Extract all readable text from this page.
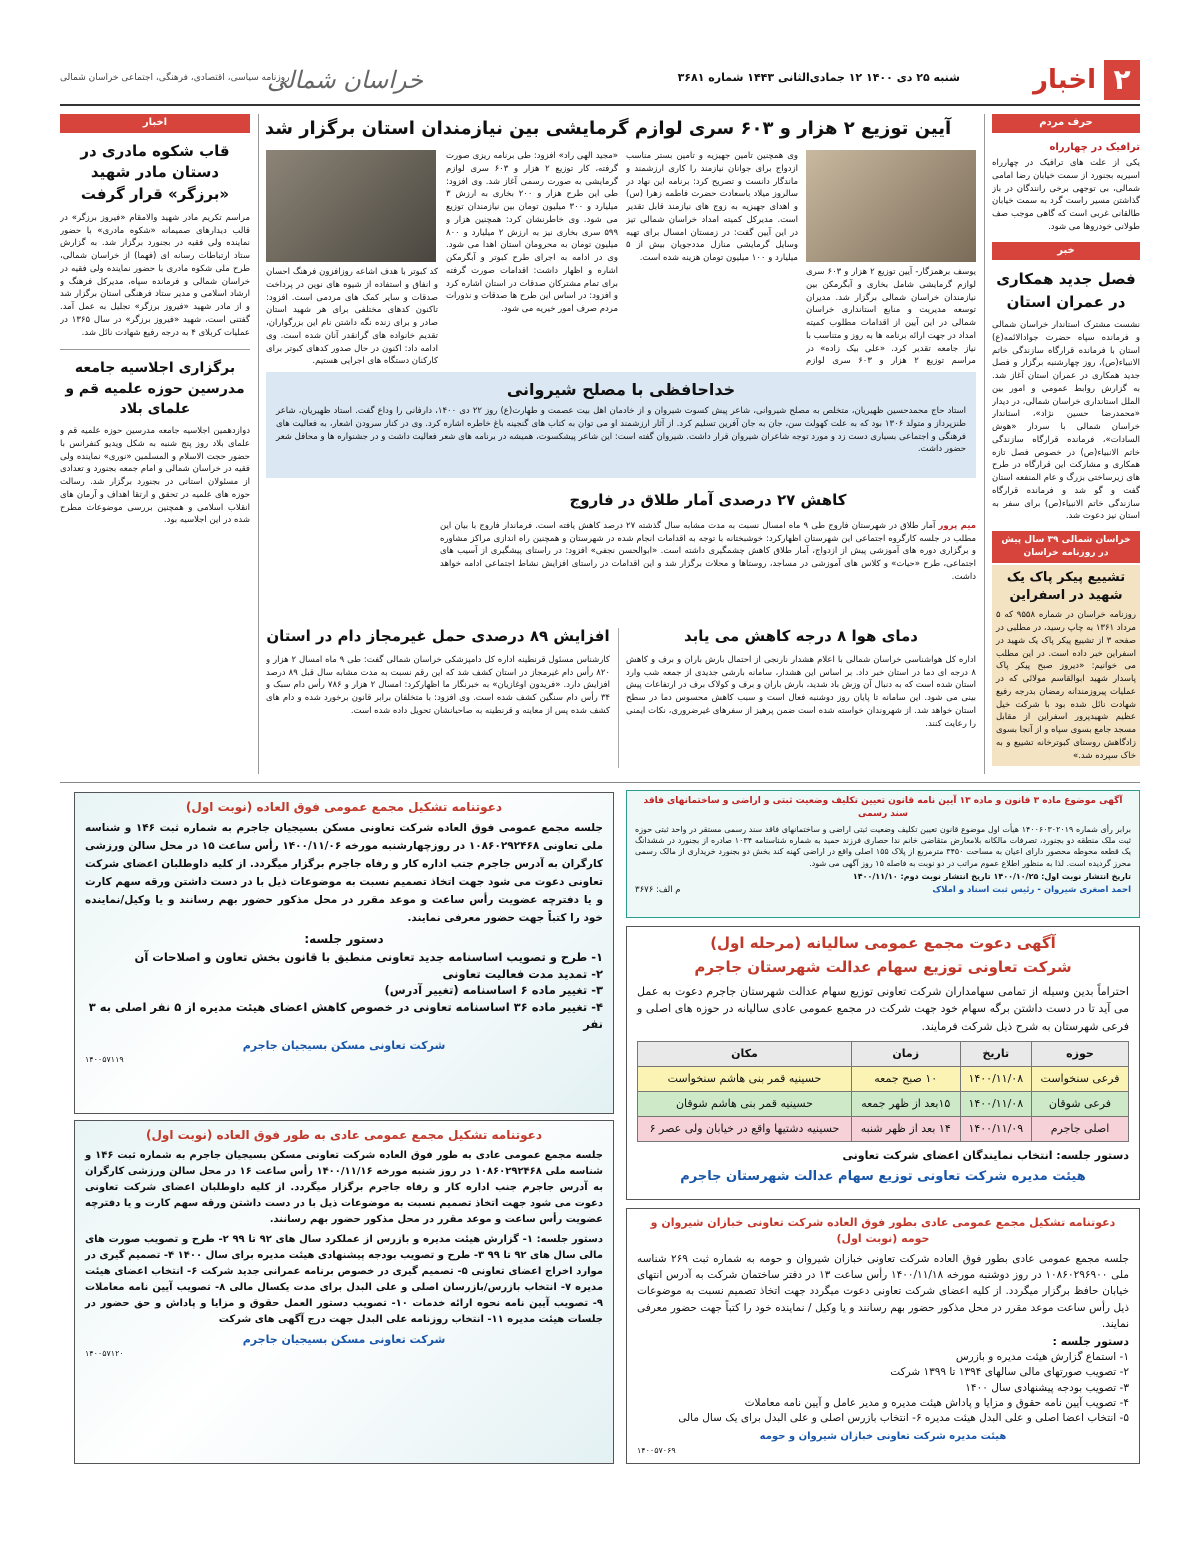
۲
اخبار
شنبه ۲۵ دی ۱۴۰۰ ۱۲ جمادی‌الثانی ۱۴۴۳ شماره ۳۶۸۱
خراسان شمالی
روزنامه سیاسی، اقتصادی، فرهنگی، اجتماعی خراسان شمالی
حرف مردم
ترافیک در چهارراه
یکی از علت های ترافیک در چهارراه اسیریه بجنورد از سمت خیابان رضا امامی شمالی، بی توجهی برخی رانندگان در باز گذاشتن مسیر راست گرد به سمت خیابان طالقانی غربی است که گاهی موجب صف طولانی خودروها می شود.
خبر
فصل جدید همکاری در عمران استان
نشست مشترک استاندار خراسان شمالی و فرمانده سپاه حضرت جوادالائمه(ع) استان با فرمانده قرارگاه سازندگی خاتم الانبیاء(ص)، روز چهارشنبه برگزار و فصل جدید همکاری در عمران استان آغاز شد. به گزارش روابط عمومی و امور بین الملل استانداری خراسان شمالی، در دیدار «محمدرضا حسین نژاد»، استاندار خراسان شمالی با سردار «هوش السادات»، فرمانده قرارگاه سازندگی خاتم الانبیاء(ص) در خصوص فصل تازه همکاری و مشارکت این قرارگاه در طرح های زیرساختی بزرگ و عام المنفعه استان گفت و گو شد و فرمانده قرارگاه سازندگی خاتم الانبیاء(ص) برای سفر به استان نیز دعوت شد.
خراسان شمالی ۳۹ سال پیش
در روزنامه خراسان
تشییع پیکر پاک یک شهید در اسفراین
روزنامه خراسان در شماره ۹۵۵۸ که ۵ مرداد ۱۳۶۱ به چاپ رسید، در مطلبی در صفحه ۳ از تشییع پیکر پاک یک شهید در اسفراین خبر داده است. در این مطلب می خوانیم: «دیروز صبح پیکر پاک پاسدار شهید ابوالقاسم مولائی که در عملیات پیروزمندانه رمضان بدرجه رفیع شهادت نائل شده بود با شرکت خیل عظیم شهیدپرور اسفراین از مقابل مسجد جامع بسوی سپاه و از آنجا بسوی زادگاهش روستای کبوترخانه تشییع و به خاک سپرده شد.»
آیین توزیع ۲ هزار و ۶۰۳ سری لوازم گرمایشی بین نیازمندان استان برگزار شد
یوسف برهمزگار- آیین توزیع ۲ هزار و ۶۰۳ سری لوازم گرمایشی شامل بخاری و آبگرمکن بین نیازمندان خراسان شمالی برگزار شد. مدیران توسعه مدیریت و منابع استانداری خراسان شمالی در این آیین از اقدامات مطلوب کمیته امداد در جهت ارائه برنامه ها به روز و متناسب با نیاز جامعه تقدیر کرد. «علی بیک زاده» در مراسم توزیع ۲ هزار و ۶۰۳ سری لوازم
وی همچنین تامین جهیزیه و تامین بستر مناسب ازدواج برای جوانان نیازمند را کاری ارزشمند و ماندگار دانست و تصریح کرد: برنامه این نهاد در سالروز میلاد باسعادت حضرت فاطمه زهرا (س) و اهدای جهیزیه به زوج های نیازمند قابل تقدیر است. مدیرکل کمیته امداد خراسان شمالی تیز در این آیین گفت: در زمستان امسال برای تهیه وسایل گرمایشی منازل مددجویان بیش از ۵ میلیارد و ۱۰۰ میلیون تومان هزینه شده است.
«مجید الهی راد» افزود: طی برنامه ریزی صورت گرفته، کار توزیع ۲ هزار و ۶۰۳ سری لوازم گرمایشی به صورت رسمی آغاز شد. وی افزود: طی این طرح هزار و ۲۰۰ بخاری به ارزش ۳ میلیارد و ۳۰۰ میلیون تومان بین نیازمندان توزیع می شود. وی خاطرنشان کرد: همچنین هزار و ۵۹۹ سری بخاری نیز به ارزش ۲ میلیارد و ۸۰۰ میلیون تومان به محرومان استان اهدا می شود. وی در ادامه به اجرای طرح کبوتر و آبگرمکن اشاره و اظهار داشت: اقدامات صورت گرفته برای تمام مشترکان صدقات در استان اشاره کرد و افزود: در اساس این طرح ها صدقات و نذورات مردم صرف امور خیریه می شود.
کد کبوتر با هدف اشاعه روزافزون فرهنگ احسان و انفاق و استفاده از شیوه های نوین در پرداخت صدقات و سایر کمک های مردمی است. افزود: تاکنون کدهای مختلفی برای هر شهید استان صادر و برای زنده نگه داشتن نام این بزرگواران، تقدیم خانواده های گرانقدر آنان شده است. وی ادامه داد: اکنون در حال صدور کدهای کبوتر برای کارکنان دستگاه های اجرایی هستیم.
خداحافظی با مصلح شیروانی
استاد حاج محمدحسین ظهیریان، متخلص به مصلح شیروانی، شاعر پیش کسوت شیروان و از خادمان اهل بیت عصمت و طهارت(ع) روز ۲۲ دی ۱۴۰۰، دارفانی را وداع گفت. استاد ظهیریان، شاعر طنزپرداز و متولد ۱۳۰۶ بود که به علت کهولت سن، جان به جان آفرین تسلیم کرد. از آثار ارزشمند او می توان به کتاب های گنجینه باغ خاطره اشاره کرد. وی در کنار سرودن اشعار، به فعالیت های فرهنگی و اجتماعی بسیاری دست زد و مورد توجه شاعران شیروان قرار داشت. شیروان گفته است: این شاعر پیشکسوت، همیشه در برنامه های شعر فعالیت داشت و در جشنواره ها و محافل شعر حضور داشت.
کاهش ۲۷ درصدی آمار طلاق در فاروج
میم پرور آمار طلاق در شهرستان فاروج طی ۹ ماه امسال نسبت به مدت مشابه سال گذشته ۲۷ درصد کاهش یافته است. فرماندار فاروج با بیان این مطلب در جلسه کارگروه اجتماعی این شهرستان اظهارکرد: خوشبختانه با توجه به اقدامات انجام شده در شهرستان و همچنین راه اندازی مراکز مشاوره و برگزاری دوره های آموزشی پیش از ازدواج، آمار طلاق کاهش چشمگیری داشته است. «ابوالحسن نجفی» افزود: در راستای پیشگیری از آسیب های اجتماعی، طرح «حیات» و کلاس های آموزشی در مساجد، روستاها و محلات برگزار شد و این اقدامات در راستای افزایش نشاط اجتماعی ادامه خواهد داشت.
دمای هوا ۸ درجه کاهش می یابد
اداره کل هواشناسی خراسان شمالی با اعلام هشدار نارنجی از احتمال بارش باران و برف و کاهش ۸ درجه ای دما در استان خبر داد. بر اساس این هشدار، سامانه بارشی جدیدی از جمعه شب وارد استان شده است که به دنبال آن وزش باد شدید، بارش باران و برف و کولاک برف در ارتفاعات پیش بینی می شود. این سامانه تا پایان روز دوشنبه فعال است و سبب کاهش محسوس دما در سطح استان خواهد شد. از شهروندان خواسته شده است ضمن پرهیز از سفرهای غیرضروری، نکات ایمنی را رعایت کنند.
افزایش ۸۹ درصدی حمل غیرمجاز دام در استان
کارشناس مسئول قرنطینه اداره کل دامپزشکی خراسان شمالی گفت: طی ۹ ماه امسال ۲ هزار و ۸۲۰ رأس دام غیرمجاز در استان کشف شد که این رقم نسبت به مدت مشابه سال قبل ۸۹ درصد افزایش دارد. «فریدون اوغازیان» به خبرنگار ما اظهارکرد: امسال ۲ هزار و ۷۸۶ رأس دام سبک و ۳۴ رأس دام سنگین کشف شده است. وی افزود: با متخلفان برابر قانون برخورد شده و دام های کشف شده پس از معاینه و قرنطینه به صاحبانشان تحویل داده شده است.
اخبار
قاب شکوه مادری در دستان مادر شهید «برزگر» قرار گرفت
مراسم تکریم مادر شهید والامقام «فیروز برزگر» در قالب دیدارهای صمیمانه «شکوه مادری» با حضور نماینده ولی فقیه در بجنورد برگزار شد. به گزارش ستاد ارتباطات رسانه ای (فهما) از خراسان شمالی، طرح ملی شکوه مادری با حضور نماینده ولی فقیه در خراسان شمالی و فرمانده سپاه، مدیرکل فرهنگ و ارشاد اسلامی و مدیر ستاد فرهنگی استان برگزار شد و از مادر شهید «فیروز برزگر» تجلیل به عمل آمد. گفتنی است، شهید «فیروز برزگر» در سال ۱۳۶۵ در عملیات کربلای ۴ به درجه رفیع شهادت نائل شد.
برگزاری اجلاسیه جامعه مدرسین حوزه علمیه قم و علمای بلاد
دوازدهمین اجلاسیه جامعه مدرسین حوزه علمیه قم و علمای بلاد روز پنج شنبه به شکل ویدیو کنفرانس با حضور حجت الاسلام و المسلمین «نوری» نماینده ولی فقیه در خراسان شمالی و امام جمعه بجنورد و تعدادی از مسئولان استانی در بجنورد برگزار شد. رسالت حوزه های علمیه در تحقق و ارتقا اهداف و آرمان های انقلاب اسلامی و همچنین بررسی موضوعات مطرح شده در این اجلاسیه بود.
آگهی موضوع ماده ۳ قانون و ماده ۱۳ آیین نامه قانون تعیین تکلیف وضعیت ثبتی و اراضی و ساختمانهای فاقد سند رسمی
برابر رأی شماره ۱۴۰۰۶۰۳۰۲۰۱۹ هیأت اول موضوع قانون تعیین تکلیف وضعیت ثبتی اراضی و ساختمانهای فاقد سند رسمی مستقر در واحد ثبتی حوزه ثبت ملک منطقه دو بجنورد، تصرفات مالکانه بلامعارض متقاضی خانم ندا حصاری فرزند حمید به شماره شناسنامه ۱۰۳۴ صادره از بجنورد در ششدانگ یک قطعه محوطه محصور دارای اعیان به مساحت ۳۴۵۰ مترمربع از پلاک ۱۵۵ اصلی واقع در اراضی کهنه کند بخش دو بجنورد خریداری از مالک رسمی محرز گردیده است. لذا به منظور اطلاع عموم مراتب در دو نوبت به فاصله ۱۵ روز آگهی می شود.
تاریخ انتشار نوبت اول: ۱۴۰۰/۱۰/۲۵ تاریخ انتشار نوبت دوم: ۱۴۰۰/۱۱/۱۰
احمد اصغری شیروان - رئیس ثبت اسناد و املاک
م الف: ۳۶۷۶
آگهی دعوت مجمع عمومی سالیانه (مرحله اول)
شرکت تعاونی توزیع سهام عدالت شهرستان جاجرم
احتراماً بدین وسیله از تمامی سهامداران شرکت تعاونی توزیع سهام عدالت شهرستان جاجرم دعوت به عمل می آید تا در دست داشتن برگه سهام خود جهت شرکت در مجمع عمومی عادی سالیانه در حوزه های اصلی و فرعی شهرستان به شرح ذیل شرکت فرمایند.
حوزه	تاریخ	زمان	مکان
فرعی سنخواست	۱۴۰۰/۱۱/۰۸	۱۰ صبح جمعه	حسینیه قمر بنی هاشم سنخواست
فرعی شوقان	۱۴۰۰/۱۱/۰۸	۱۵بعد از ظهر جمعه	حسینیه قمر بنی هاشم شوقان
اصلی جاجرم	۱۴۰۰/۱۱/۰۹	۱۴ بعد از ظهر شنبه	حسینیه دشتیها واقع در خیابان ولی عصر ۶
دستور جلسه: انتخاب نمایندگان اعضای شرکت تعاونی
هیئت مدیره شرکت تعاونی توزیع سهام عدالت شهرستان جاجرم
دعوتنامه تشکیل مجمع عمومی عادی بطور فوق العاده شرکت تعاونی خبازان شیروان و حومه (نوبت اول)
جلسه مجمع عمومی عادی بطور فوق العاده شرکت تعاونی خبازان شیروان و حومه به شماره ثبت ۲۶۹ شناسه ملی ۱۰۸۶۰۲۹۶۹۰۰ در روز دوشنبه مورخه ۱۴۰۰/۱۱/۱۸ رأس ساعت ۱۳ در دفتر ساختمان شرکت به آدرس انتهای خیابان حافظ برگزار میگردد. از کلیه اعضای شرکت تعاونی دعوت میگردد جهت اتخاذ تصمیم نسبت به موضوعات ذیل رأس ساعت موعد مقرر در محل مذکور حضور بهم رسانند و یا وکیل / نماینده خود را کتباً جهت حضور معرفی نمایند.
دستور جلسه :
۱- استماع گزارش هیئت مدیره و بازرس
۲- تصویب صورتهای مالی سالهای ۱۳۹۴ تا ۱۳۹۹ شرکت
۳- تصویب بودجه پیشنهادی سال ۱۴۰۰
۴- تصویب آیین نامه حقوق و مزایا و پاداش هیئت مدیره و مدیر عامل و آیین نامه معاملات
۵- انتخاب اعضا اصلی و علی البدل هیئت مدیره ۶- انتخاب بازرس اصلی و علی البدل برای یک سال مالی
هیئت مدیره شرکت تعاونی خبازان شیروان و حومه
۱۴۰۰۵۷۰۶۹
دعوتنامه تشکیل مجمع عمومی فوق العاده (نوبت اول)
جلسه مجمع عمومی فوق العاده شرکت تعاونی مسکن بسیجیان جاجرم به شماره ثبت ۱۴۶ و شناسه ملی تعاونی ۱۰۸۶۰۲۹۲۴۶۸ در روزچهارشنبه مورخه ۱۴۰۰/۱۱/۰۶ رأس ساعت ۱۵ در محل سالن ورزشی کارگران به آدرس جاجرم جنب اداره کار و رفاه جاجرم برگزار میگردد. از کلیه داوطلبان اعضای شرکت تعاونی دعوت می شود جهت اتخاذ تصمیم نسبت به موضوعات ذیل با در دست داشتن ورقه سهم کارت و یا دفترچه عضویت رأس ساعت و موعد مقرر در محل مذکور حضور بهم رسانند و یا وکیل/نماینده خود را کتباً جهت حضور معرفی نمایند.
دستور جلسه:
۱- طرح و تصویب اساسنامه جدید تعاونی منطبق با قانون بخش تعاون و اصلاحات آن
۲- تمدید مدت فعالیت تعاونی
۳- تغییر ماده ۶ اساسنامه (تغییر آدرس)
۴- تغییر ماده ۳۶ اساسنامه تعاونی در خصوص کاهش اعضای هیئت مدیره از ۵ نفر اصلی به ۳ نفر
شرکت تعاونی مسکن بسیجیان جاجرم
۱۴۰۰۵۷۱۱۹
دعوتنامه تشکیل مجمع عمومی عادی به طور فوق العاده (نوبت اول)
جلسه مجمع عمومی عادی به طور فوق العاده شرکت تعاونی مسکن بسیجیان جاجرم به شماره ثبت ۱۴۶ و شناسه ملی ۱۰۸۶۰۲۹۲۴۶۸ در روز شنبه مورخه ۱۴۰۰/۱۱/۱۶ رأس ساعت ۱۶ در محل سالن ورزشی کارگران به آدرس جاجرم جنب اداره کار و رفاه جاجرم برگزار میگردد. از کلیه داوطلبان اعضای شرکت تعاونی دعوت می شود جهت اتخاذ تصمیم نسبت به موضوعات ذیل با در دست داشتن ورقه سهم کارت و یا دفترچه عضویت رأس ساعت و موعد مقرر در محل مذکور حضور بهم رسانند.
دستور جلسه: ۱- گزارش هیئت مدیره و بازرس از عملکرد سال های ۹۲ تا ۹۹ ۲- طرح و تصویب صورت های مالی سال های ۹۲ تا ۹۹ ۳- طرح و تصویب بودجه پیشنهادی هیئت مدیره برای سال ۱۴۰۰ ۴- تصمیم گیری در موارد اخراج اعضای تعاونی ۵- تصمیم گیری در خصوص برنامه عمرانی جدید شرکت ۶- انتخاب اعضای هیئت مدیره ۷- انتخاب بازرس/بازرسان اصلی و علی البدل برای مدت یکسال مالی ۸- تصویب آیین نامه معاملات ۹- تصویب آیین نامه نحوه ارائه خدمات ۱۰- تصویب دستور العمل حقوق و مزایا و پاداش و حق حضور در جلسات هیئت مدیره ۱۱- انتخاب روزنامه علی البدل جهت درج آگهی های شرکت
شرکت تعاونی مسکن بسیجیان جاجرم
۱۴۰۰۵۷۱۲۰
